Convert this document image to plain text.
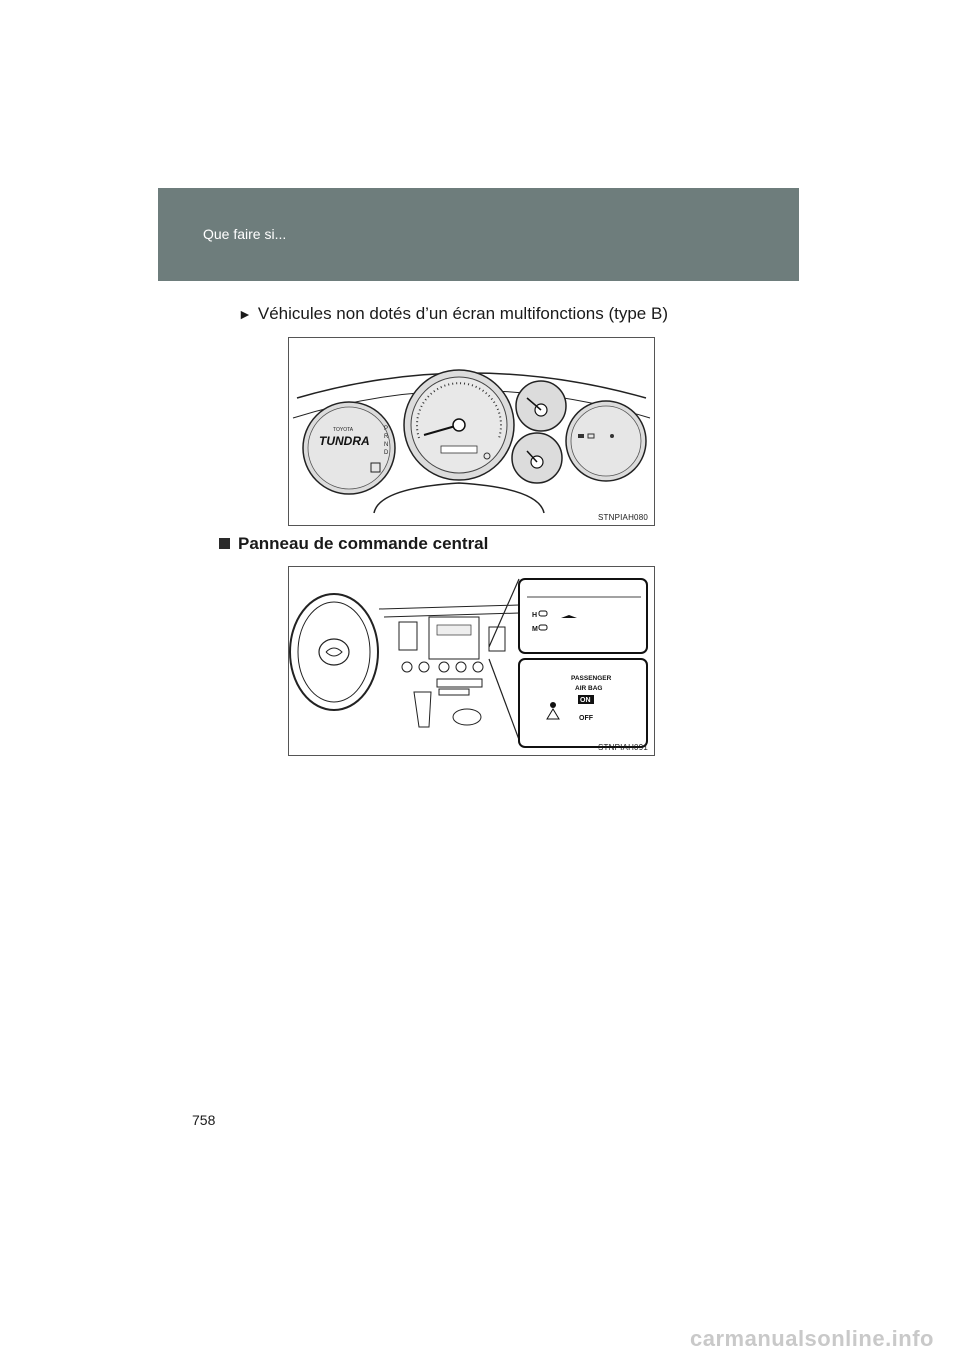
Que faire si...
► Véhicules non dotés d’un écran multifonctions (type B)
TOYOTA
TUNDRA
P
R
N
D
STNPIAH080
Panneau de commande central
H
M
PASSENGER
AIR BAG
ON
OFF
STNPIAH091
758
carmanualsonline.info
